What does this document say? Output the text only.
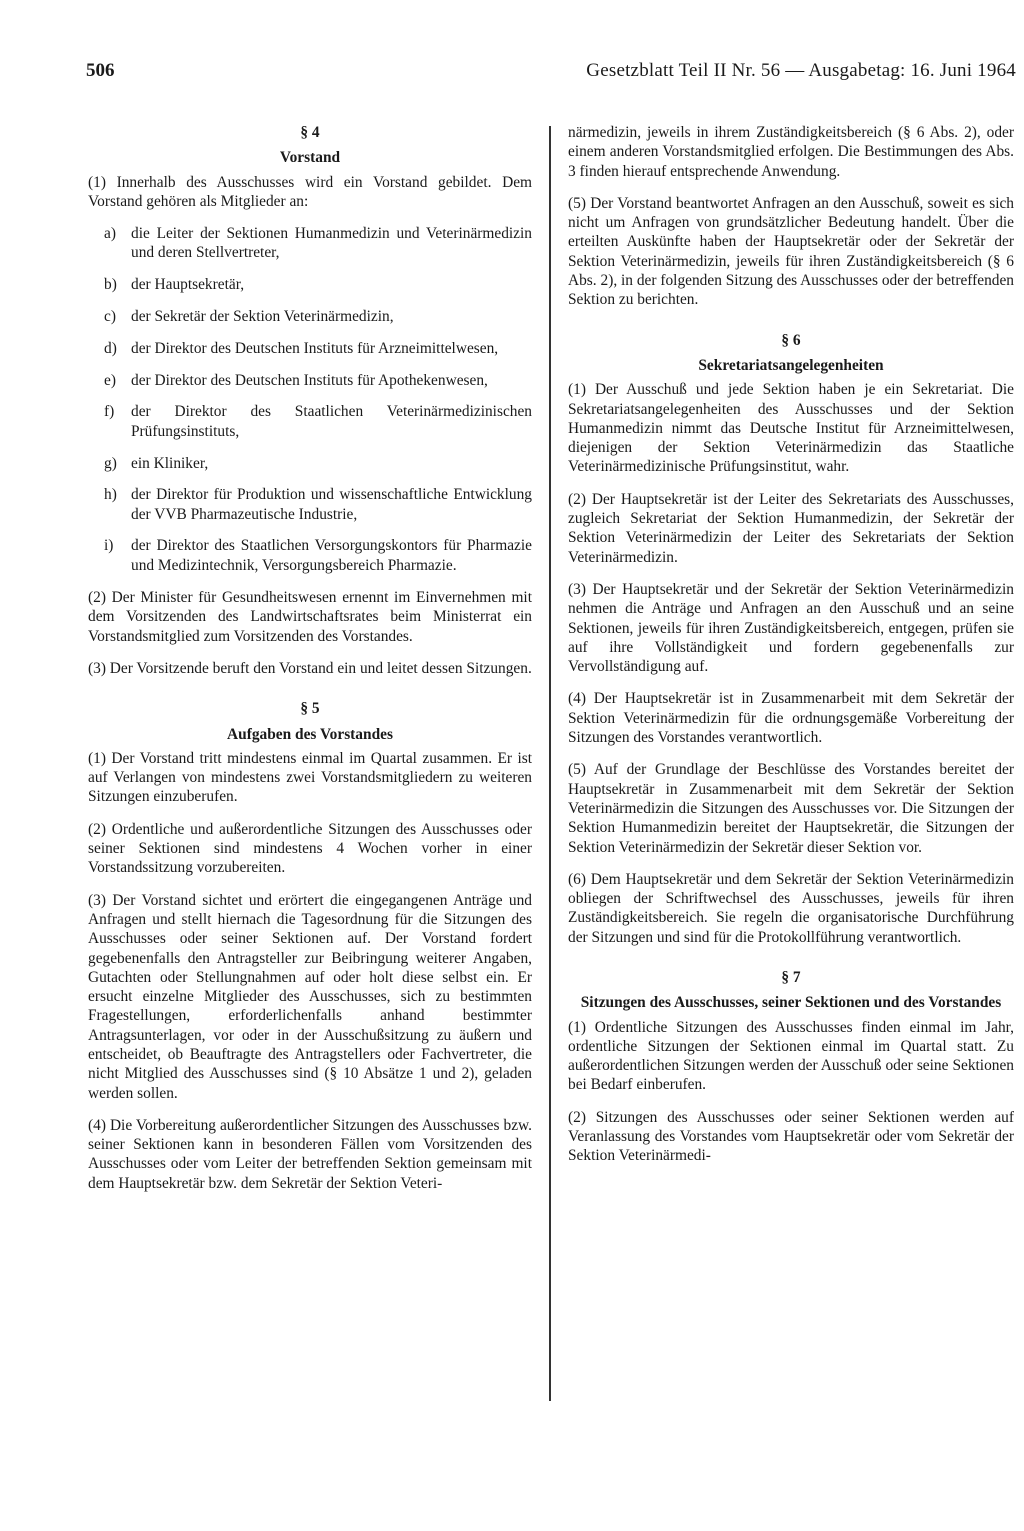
506	Gesetzblatt Teil II Nr. 56 — Ausgabetag: 16. Juni 1964
§ 4
Vorstand

(1) Innerhalb des Ausschusses wird ein Vorstand gebildet. Dem Vorstand gehören als Mitglieder an:

a) die Leiter der Sektionen Humanmedizin und Veterinärmedizin und deren Stellvertreter,
b) der Hauptsekretär,
c) der Sekretär der Sektion Veterinärmedizin,
d) der Direktor des Deutschen Instituts für Arzneimittelwesen,
e) der Direktor des Deutschen Instituts für Apothekenwesen,
f)	der Direktor des Staatlichen Veterinärmedizinischen Prüfungsinstituts,
g) ein Kliniker,
h) der Direktor für Produktion und wissenschaftliche Entwicklung der VVB Pharmazeutische Industrie,
i)	der Direktor des Staatlichen Versorgungskontors für Pharmazie und Medizintechnik, Versorgungsbereich Pharmazie.

(2) Der Minister für Gesundheitswesen ernennt im Einvernehmen mit dem Vorsitzenden des Landwirtschaftsrates beim Ministerrat ein Vorstandsmitglied zum Vorsitzenden des Vorstandes.

(3) Der Vorsitzende beruft den Vorstand ein und leitet dessen Sitzungen.

§ 5
Aufgaben des Vorstandes

(1) Der Vorstand tritt mindestens einmal im Quartal zusammen. Er ist auf Verlangen von mindestens zwei Vorstandsmitgliedern zu weiteren Sitzungen einzuberufen.

(2) Ordentliche und außerordentliche Sitzungen des Ausschusses oder seiner Sektionen sind mindestens 4 Wochen vorher in einer Vorstandssitzung vorzubereiten.

(3) Der Vorstand sichtet und erörtert die eingegangenen Anträge und Anfragen und stellt hiernach die Tagesordnung für die Sitzungen des Ausschusses oder seiner Sektionen auf. Der Vorstand fordert gegebenenfalls den Antragsteller zur Beibringung weiterer Angaben, Gutachten oder Stellungnahmen auf oder holt diese selbst ein. Er ersucht einzelne Mitglieder des Ausschusses, sich zu bestimmten Fragestellungen, erforderlichenfalls anhand bestimmter Antragsunterlagen, vor oder in der Ausschußsitzung zu äußern und entscheidet, ob Beauftragte des Antragstellers oder Fachvertreter, die nicht Mitglied des Ausschusses sind (§ 10 Absätze 1 und 2), geladen werden sollen.

(4) Die Vorbereitung außerordentlicher Sitzungen des Ausschusses bzw. seiner Sektionen kann in besonderen Fällen vom Vorsitzenden des Ausschusses oder vom Leiter der betreffenden Sektion gemeinsam mit dem Hauptsekretär bzw. dem Sekretär der Sektion Veteri-

närmedizin, jeweils in ihrem Zuständigkeitsbereich (§ 6 Abs. 2), oder einem anderen Vorstandsmitglied erfolgen. Die Bestimmungen des Abs. 3 finden hierauf entsprechende Anwendung.

(5) Der Vorstand beantwortet Anfragen an den Ausschuß, soweit es sich nicht um Anfragen von grundsätzlicher Bedeutung handelt. Über die erteilten Auskünfte haben der Hauptsekretär oder der Sekretär der Sektion Veterinärmedizin, jeweils für ihren Zuständigkeitsbereich (§ 6 Abs. 2), in der folgenden Sitzung des Ausschusses oder der betreffenden Sektion zu berichten.

§ 6
Sekretariatsangelegenheiten

(1) Der Ausschuß und jede Sektion haben je ein Sekretariat. Die Sekretariatsangelegenheiten des Ausschusses und der Sektion Humanmedizin nimmt das Deutsche Institut für Arzneimittelwesen, diejenigen der Sektion Veterinärmedizin das Staatliche Veterinärmedizinische Prüfungsinstitut, wahr.

(2) Der Hauptsekretär ist der Leiter des Sekretariats des Ausschusses, zugleich Sekretariat der Sektion Humanmedizin, der Sekretär der Sektion Veterinärmedizin der Leiter des Sekretariats der Sektion Veterinärmedizin.

(3) Der Hauptsekretär und der Sekretär der Sektion Veterinärmedizin nehmen die Anträge und Anfragen an den Ausschuß und an seine Sektionen, jeweils für ihren Zuständigkeitsbereich, entgegen, prüfen sie auf ihre Vollständigkeit und fordern gegebenenfalls zur Vervollständigung auf.

(4) Der Hauptsekretär ist in Zusammenarbeit mit dem Sekretär der Sektion Veterinärmedizin für die ordnungsgemäße Vorbereitung der Sitzungen des Vorstandes verantwortlich.

(5) Auf der Grundlage der Beschlüsse des Vorstandes bereitet der Hauptsekretär in Zusammenarbeit mit dem Sekretär der Sektion Veterinärmedizin die Sitzungen des Ausschusses vor. Die Sitzungen der Sektion Humanmedizin bereitet der Hauptsekretär, die Sitzungen der Sektion Veterinärmedizin der Sekretär dieser Sektion vor.

(6) Dem Hauptsekretär und dem Sekretär der Sektion Veterinärmedizin obliegen der Schriftwechsel des Ausschusses, jeweils für ihren Zuständigkeitsbereich. Sie regeln die organisatorische Durchführung der Sitzungen und sind für die Protokollführung verantwortlich.

§ 7
Sitzungen des Ausschusses, seiner Sektionen und des Vorstandes

(1) Ordentliche Sitzungen des Ausschusses finden einmal im Jahr, ordentliche Sitzungen der Sektionen einmal im Quartal statt. Zu außerordentlichen Sitzungen werden der Ausschuß oder seine Sektionen bei Bedarf einberufen.

(2) Sitzungen des Ausschusses oder seiner Sektionen werden auf Veranlassung des Vorstandes vom Hauptsekretär oder vom Sekretär der Sektion Veterinärmedi-
